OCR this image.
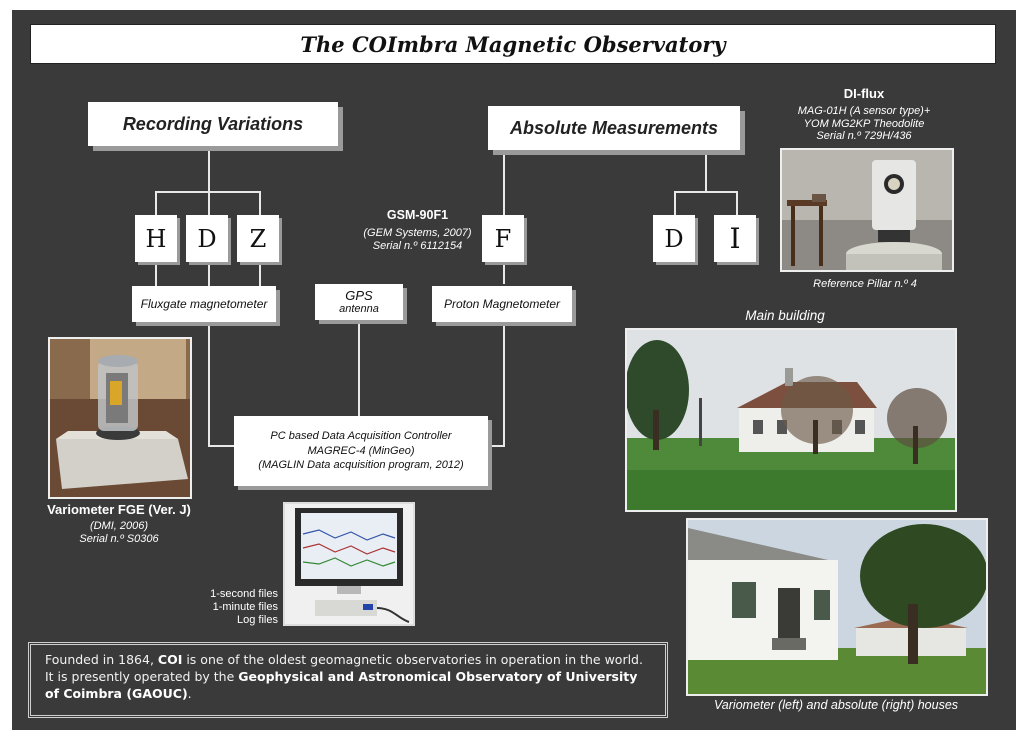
The COImbra Magnetic Observatory
Recording Variations	Absolute Measurements
H	D	Z	F	D	I
GSM-90F1
(GEM Systems, 2007)
Serial n.º 6112154
Fluxgate magnetometer
GPS
antenna	Proton Magnetometer
PC based Data Acquisition Controller
MAGREC-4 (MinGeo)
(MAGLIN Data acquisition program, 2012)
DI-flux
MAG-01H (A sensor type)+
YOM MG2KP Theodolite
Serial n.º 729H/436
Reference Pillar n.º 4
Main building
Variometer FGE (Ver. J)
(DMI, 2006)
Serial n.º S0306
1-second files
1-minute files
Log files
Variometer (left) and absolute (right) houses
Founded in 1864, COI is one of the oldest geomagnetic observatories in operation in the world. It is presently operated by the Geophysical and Astronomical Observatory of University of Coimbra (GAOUC).
